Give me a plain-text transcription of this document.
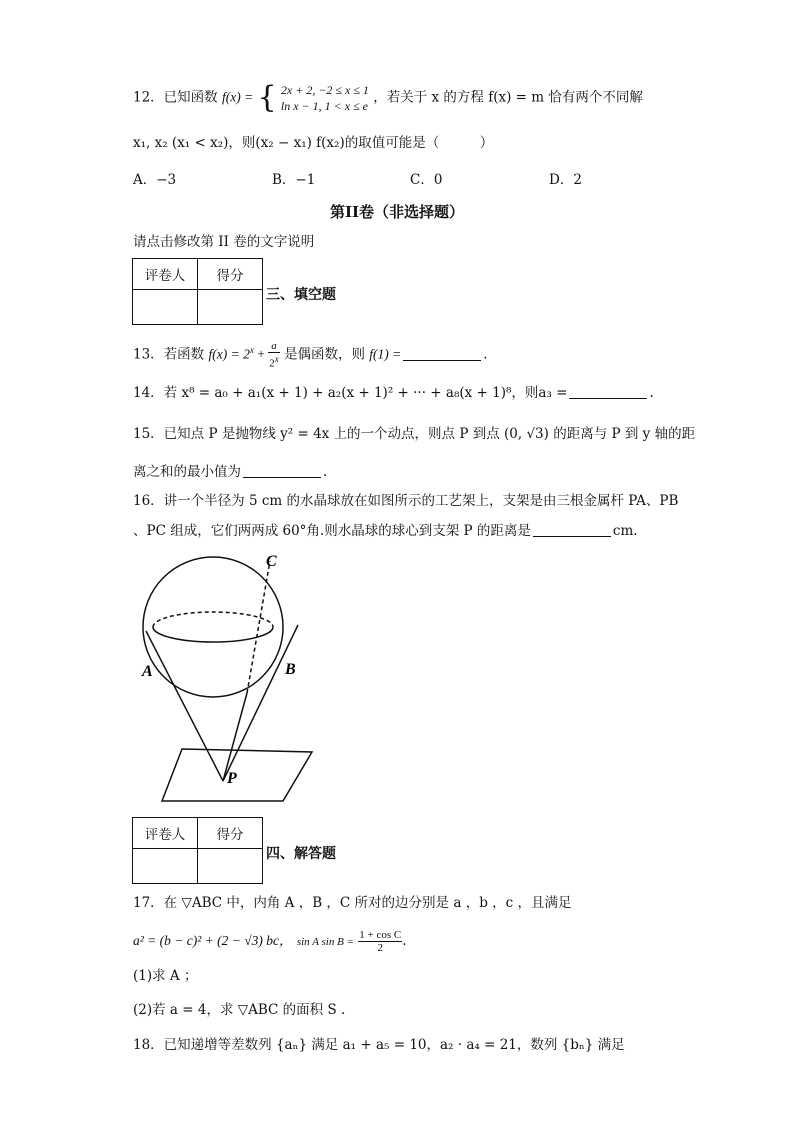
12．已知函数 f(x) = { 2x + 2, −2 ≤ x ≤ 1
ln x − 1, 1 < x ≤ e
，若关于 x 的方程 f(x) = m 恰有两个不同解
x₁, x₂ (x₁ < x₂)，则(x₂ − x₁) f(x₂)的取值可能是（　　　）
A．−3	B．−1	C．0	D．2
第II卷（非选择题）
请点击修改第 II 卷的文字说明
评卷人	得分

三、填空题
13．若函数 $f(x) = 2^x + \frac{a}{2^x}$ 是偶函数，则 f(1) =	.
14．若 x⁸ = a₀ + a₁(x + 1) + a₂(x + 1)² + ··· + a₈(x + 1)⁸，则a₃ =	.
15．已知点 P 是抛物线 y² = 4x 上的一个动点，则点 P 到点 (0, √3) 的距离与 P 到 y 轴的距
离之和的最小值为	.
16．讲一个半径为 5 cm 的水晶球放在如图所示的工艺架上，支架是由三根金属杆 PA、PB
、PC 组成，它们两两成 60°角.则水晶球的球心到支架 P 的距离是	cm.
C
A	B
P
评卷人	得分

四、解答题
17．在 ▽ABC 中，内角 A ，B ，C 所对的边分别是 a ，b ，c ，且满足
a² = (b − c)² + (2 − √3) bc， sin A $\sin B = \frac{\text{1 + cos C}}{2}$ .
(1)求 A ；
(2)若 a = 4，求 ▽ABC 的面积 S .
18．已知递增等差数列 {aₙ} 满足 a₁ + a₅ = 10，a₂ · a₄ = 21，数列 {bₙ} 满足
